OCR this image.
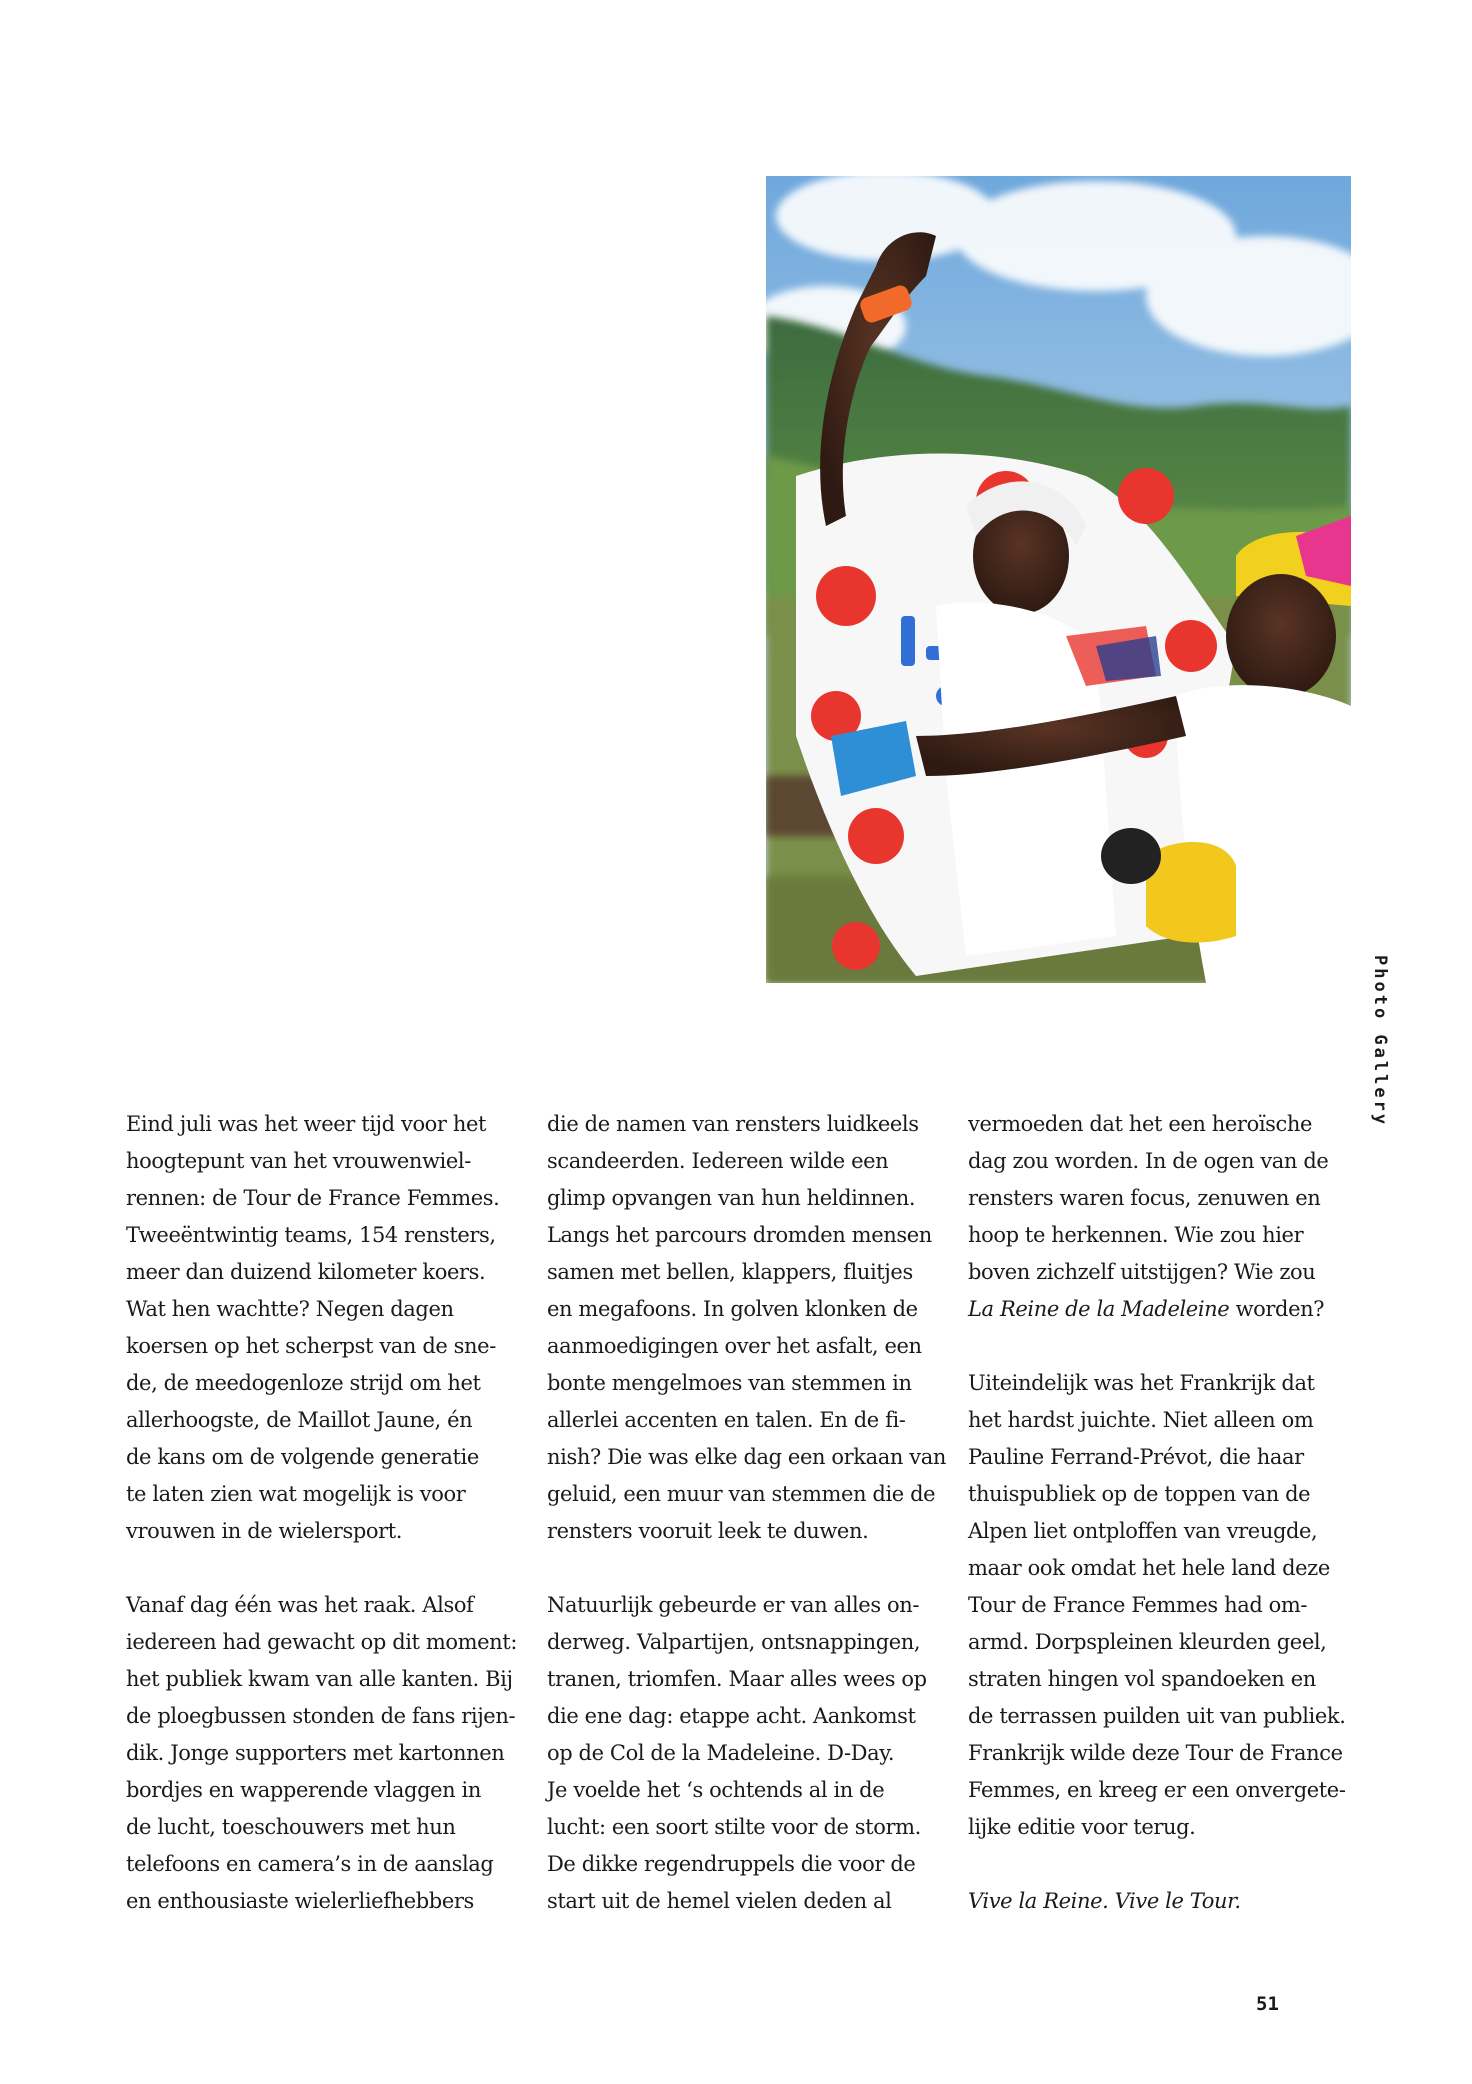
Photo Gallery
Eind juli was het weer tijd voor het
hoogtepunt van het vrouwenwiel-
rennen: de Tour de France Femmes.
Tweeëntwintig teams, 154 rensters,
meer dan duizend kilometer koers.
Wat hen wachtte? Negen dagen
koersen op het scherpst van de sne-
de, de meedogenloze strijd om het
allerhoogste, de Maillot Jaune, én
de kans om de volgende generatie
te laten zien wat mogelijk is voor
vrouwen in de wielersport.
Vanaf dag één was het raak. Alsof
iedereen had gewacht op dit moment:
het publiek kwam van alle kanten. Bij
de ploegbussen stonden de fans rijen-
dik. Jonge supporters met kartonnen
bordjes en wapperende vlaggen in
de lucht, toeschouwers met hun
telefoons en camera’s in de aanslag
en enthousiaste wielerliefhebbers
die de namen van rensters luidkeels
scandeerden. Iedereen wilde een
glimp opvangen van hun heldinnen.
Langs het parcours dromden mensen
samen met bellen, klappers, fluitjes
en megafoons. In golven klonken de
aanmoedigingen over het asfalt, een
bonte mengelmoes van stemmen in
allerlei accenten en talen. En de fi-
nish? Die was elke dag een orkaan van
geluid, een muur van stemmen die de
rensters vooruit leek te duwen.
Natuurlijk gebeurde er van alles on-
derweg. Valpartijen, ontsnappingen,
tranen, triomfen. Maar alles wees op
die ene dag: etappe acht. Aankomst
op de Col de la Madeleine. D-Day.
Je voelde het ‘s ochtends al in de
lucht: een soort stilte voor de storm.
De dikke regendruppels die voor de
start uit de hemel vielen deden al
vermoeden dat het een heroïsche
dag zou worden. In de ogen van de
rensters waren focus, zenuwen en
hoop te herkennen. Wie zou hier
boven zichzelf uitstijgen? Wie zou
La Reine de la Madeleine worden?
Uiteindelijk was het Frankrijk dat
het hardst juichte. Niet alleen om
Pauline Ferrand-Prévot, die haar
thuispubliek op de toppen van de
Alpen liet ontploffen van vreugde,
maar ook omdat het hele land deze
Tour de France Femmes had om-
armd. Dorpspleinen kleurden geel,
straten hingen vol spandoeken en
de terrassen puilden uit van publiek.
Frankrijk wilde deze Tour de France
Femmes, en kreeg er een onvergete-
lijke editie voor terug.
Vive la Reine. Vive le Tour.
51
